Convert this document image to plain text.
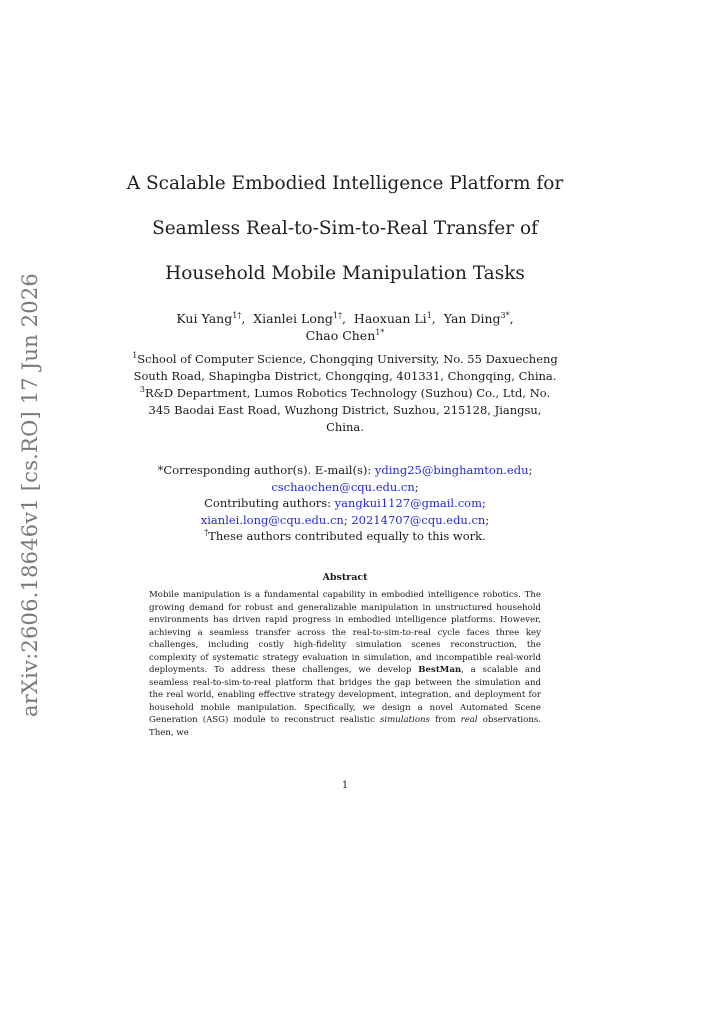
arXiv:2606.18646v1 [cs.RO] 17 Jun 2026
A Scalable Embodied Intelligence Platform for
Seamless Real-to-Sim-to-Real Transfer of
Household Mobile Manipulation Tasks
Kui Yang$^{1\dagger}$,  Xianlei Long$^{1\dagger}$,  Haoxuan Li$^1$,  Yan Ding$^{3*}$,
Chao Chen$^{1*}$
$^1$School of Computer Science, Chongqing University, No. 55 Daxuecheng South Road, Shapingba District, Chongqing, 401331, Chongqing, China.
$^3$R&D Department, Lumos Robotics Technology (Suzhou) Co., Ltd, No. 345 Baodai East Road, Wuzhong District, Suzhou, 215128, Jiangsu, China.
*Corresponding author(s). E-mail(s): yding25@binghamton.edu;
cschaochen@cqu.edu.cn;
Contributing authors: yangkui1127@gmail.com;
xianlei.long@cqu.edu.cn; 20214707@cqu.edu.cn;
†These authors contributed equally to this work.
Abstract
Mobile manipulation is a fundamental capability in embodied intelligence robotics. The growing demand for robust and generalizable manipulation in unstructured household environments has driven rapid progress in embodied intelligence platforms. However, achieving a seamless transfer across the real-to-sim-to-real cycle faces three key challenges, including costly high-fidelity simulation scenes reconstruction, the complexity of systematic strategy evaluation in simulation, and incompatible real-world deployments. To address these challenges, we develop BestMan, a scalable and seamless real-to-sim-to-real platform that bridges the gap between the simulation and the real world, enabling effective strategy development, integration, and deployment for household mobile manipulation. Specifically, we design a novel Automated Scene Generation (ASG) module to reconstruct realistic simulations from real observations. Then, we
1
